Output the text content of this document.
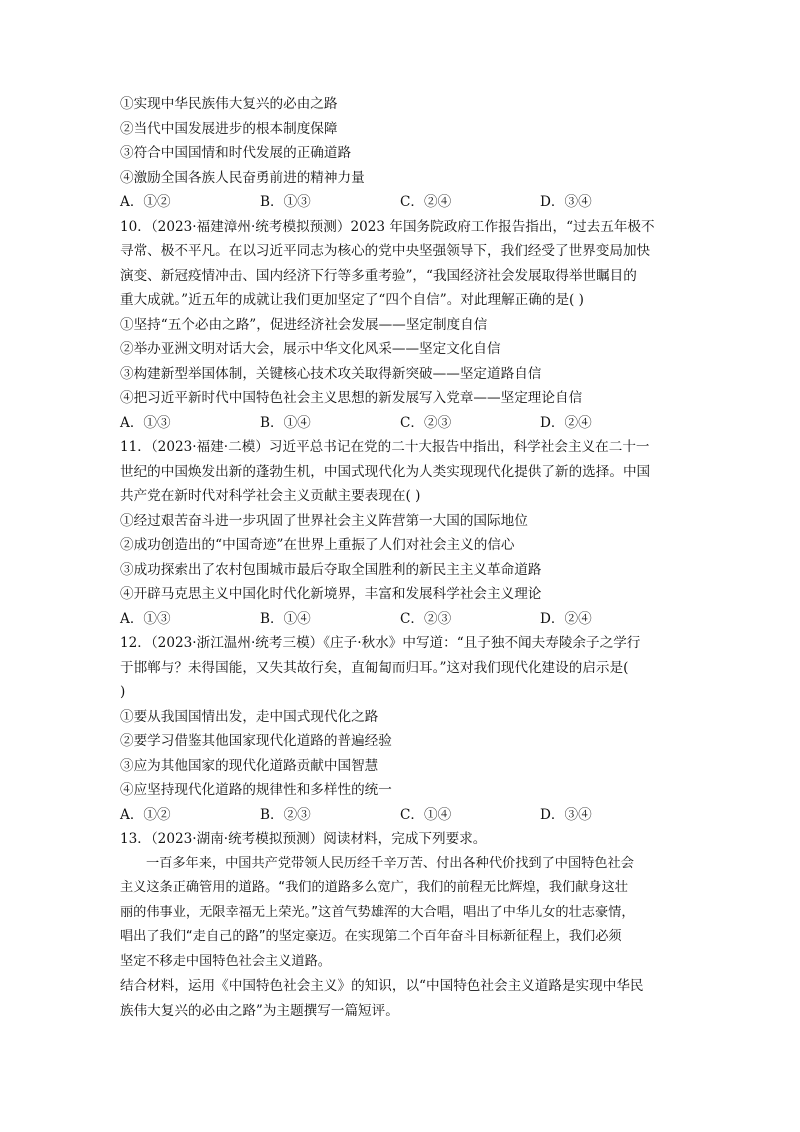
①实现中华民族伟大复兴的必由之路
②当代中国发展进步的根本制度保障
③符合中国国情和时代发展的正确道路
④激励全国各族人民奋勇前进的精神力量
A．①②	B．①③	C．②④	D．③④
10．（2023·福建漳州·统考模拟预测）2023 年国务院政府工作报告指出，“过去五年极不
寻常、极不平凡。在以习近平同志为核心的党中央坚强领导下，我们经受了世界变局加快
演变、新冠疫情冲击、国内经济下行等多重考验”，“我国经济社会发展取得举世瞩目的
重大成就。”近五年的成就让我们更加坚定了“四个自信”。对此理解正确的是( )
①坚持“五个必由之路”，促进经济社会发展——坚定制度自信
②举办亚洲文明对话大会，展示中华文化风采——坚定文化自信
③构建新型举国体制，关键核心技术攻关取得新突破——坚定道路自信
④把习近平新时代中国特色社会主义思想的新发展写入党章——坚定理论自信
A．①③	B．①④	C．②③	D．②④
11．（2023·福建·二模）习近平总书记在党的二十大报告中指出，科学社会主义在二十一
世纪的中国焕发出新的蓬勃生机，中国式现代化为人类实现现代化提供了新的选择。中国
共产党在新时代对科学社会主义贡献主要表现在( )
①经过艰苦奋斗进一步巩固了世界社会主义阵营第一大国的国际地位
②成功创造出的“中国奇迹”在世界上重振了人们对社会主义的信心
③成功探索出了农村包围城市最后夺取全国胜利的新民主主义革命道路
④开辟马克思主义中国化时代化新境界，丰富和发展科学社会主义理论
A．①③	B．①④	C．②③	D．②④
12．（2023·浙江温州·统考三模）《庄子·秋水》中写道：“且子独不闻夫寿陵余子之学行
于邯郸与？未得国能，又失其故行矣，直匍匐而归耳。”这对我们现代化建设的启示是(
)
①要从我国国情出发，走中国式现代化之路
②要学习借鉴其他国家现代化道路的普遍经验
③应为其他国家的现代化道路贡献中国智慧
④应坚持现代化道路的规律性和多样性的统一
A．①②	B．②③	C．①④	D．③④
13．（2023·湖南·统考模拟预测）阅读材料，完成下列要求。
一百多年来，中国共产党带领人民历经千辛万苦、付出各种代价找到了中国特色社会
主义这条正确管用的道路。“我们的道路多么宽广，我们的前程无比辉煌，我们献身这壮
丽的伟事业，无限幸福无上荣光。”这首气势雄浑的大合唱，唱出了中华儿女的壮志豪情，
唱出了我们“走自己的路”的坚定豪迈。在实现第二个百年奋斗目标新征程上，我们必须
坚定不移走中国特色社会主义道路。
结合材料，运用《中国特色社会主义》的知识，以“中国特色社会主义道路是实现中华民
族伟大复兴的必由之路”为主题撰写一篇短评。
